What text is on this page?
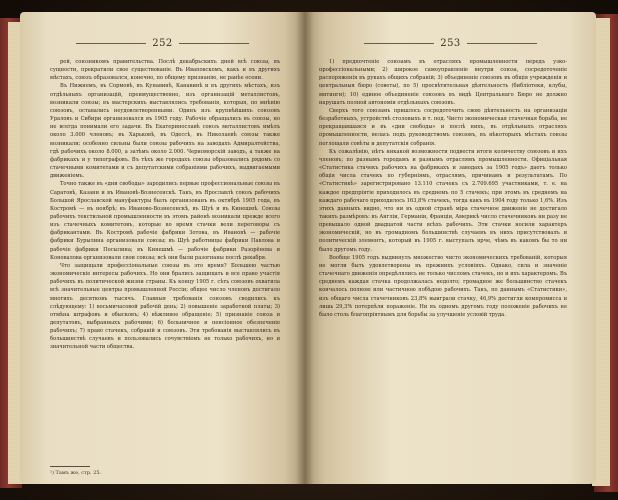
252

рей, союзникомъ правительства. Послѣ декабрьскихъ дней всѣ союзы, въ сущности, прекратили свое существованіе. Въ Иваповскомъ, какъ и въ другихъ мѣстахъ, союзъ образовался, конечно, по общему признанію, не ранѣе осени.

Въ Нижнемъ, въ Сормовѣ, въ Кунавинѣ, Канавинѣ и въ другихъ мѣстахъ, изъ отдѣльныхъ организацій, преимущественно, изъ организацій металлистовъ, возникали союзы; въ мастерскихъ выставлялись требованія, которыя, по мнѣнію союзовъ, оставались неудовлетворенными. Одинъ изъ крупнѣйшихъ союзовъ Ураловъ и Сибири организовался въ 1905 году. Рабочіе обращались въ союзы, но не всегда понимали его задачи. Въ Екатеринославѣ союзъ металлистовъ имѣлъ около 3.000 членовъ; въ Харьковѣ, въ Одессѣ, въ Николаевѣ союзы также возникали; особенно сильны были союзы рабочихъ на заводахъ Адмиралтейства, гдѣ рабочихъ около 8.000, а затѣмъ около 2.000. Черноморскій заводъ, а также на фабрикахъ и у типографовъ. Въ тѣхъ же городахъ союзы образовались рядомъ со стачечными комитетами и съ депутатскими собраніями рабочихъ, выдвигаемыми движеніемъ.

Точно также въ «дни свободы» зародились первые профессиональные союзы въ Саратовѣ, Казани и въ Ивановѣ-Вознесенскѣ. Такъ, въ Ярославлѣ союзъ рабочихъ Большой Ярославской мануфактуры былъ организованъ въ октябрѣ 1905 года, въ Костромѣ — въ ноябрѣ; въ Иваново-Вознесенскѣ, въ Шуѣ и въ Кинешмѣ. Союзы рабочихъ текстильной промышленности въ этомъ районѣ возникали прежде всего изъ стачечныхъ комитетовъ, которые во время стачки вели переговоры съ фабрикантами. Въ Костромѣ рабочіе фабрики Зотова, въ Ивановѣ — рабочіе фабрики Бурылина организовали союзы; въ Шуѣ работницы фабрики Павлова и рабочіе фабрики Посылина; въ Кинешмѣ — рабочіе фабрики Разорёнова и Коновалова организовали свои союзы; всѣ они были разогнаны послѣ декабря.

Что защищали профессіональные союзы въ это время? Большею частью экономическіе интересы рабочихъ. Но они брались защищать и все право участія рабочихъ въ политической жизни страны. Къ концу 1905 г. сѣть союзовъ охватила всѣ значительные центры промышленной Россіи; общее число членовъ достигало многихъ десятковъ тысячъ. Главныя требованія союзовъ сводились къ слѣдующему: 1) восьмичасовой рабочій день; 2) повышеніе заработной платы; 3) отмѣна штрафовъ и обысковъ; 4) вѣжливое обращеніе; 5) признаніе союза и депутатовъ, выбранныхъ рабочими; 6) больничное и пенсіонное обезпеченіе рабочихъ; 7) право стачекъ, собраній и союзовъ. Эти требованія выставлялись въ большинствѣ случаевъ и пользовались сочувствіемъ не только рабочихъ, но и значительной части общества.

¹) Тамъ же, стр. 25.
253

1) предпочтеніе союзамъ въ отрасляхъ промышленности передъ узко-профессіональными; 2) широкое самоуправленіе внутри союза, сосредоточеніе распоряженія въ рукахъ общихъ собраній; 3) объединеніе союзовъ въ общія учрежденія и центральныя бюро (советы), по 5) просвѣтительная дѣятельность (библіотеки, клубы, митинги); 10) единое объединеніе союзовъ въ видѣ Центральнаго Бюро не должно нарушать полной автономіи отдѣльныхъ союзовъ.

Сверхъ того союзамъ пришлось сосредоточить свою дѣятельность на организаціи безработныхъ, устройствѣ столовыхъ и т. под. Чисто экономическая стачечная борьба, не прекращавшаяся и въ «дни свободы» и послѣ нихъ, въ отдѣльныхъ отрасляхъ промышленности, велась подъ руководствомъ союзовъ, въ нѣкоторыхъ мѣстахъ союзы поглощали совѣты и депутатскія собранія.

Къ сожалѣнію, нѣтъ никакой возможности подвести итоги количеству союзовъ и ихъ членовъ; по разнымъ городамъ и разнымъ отраслямъ промышленности. Офиціальная «Статистика стачекъ рабочихъ на фабрикахъ и заводахъ за 1905 годъ» даетъ только общія числа стачекъ по губерніямъ, отраслямъ, причинамъ и результатамъ. По «Статистикѣ» зарегистрировано 13.110 стачекъ съ 2.709.695 участниками, т. е. на каждое предпріятіе приходилось въ среднемъ по 5 стачекъ; при этомъ въ среднемъ на каждаго рабочаго приходилось 163,8% стачекъ, тогда какъ въ 1904 году только 1,6%. Изъ этихъ данныхъ видно, что ни въ одной странѣ міра стачечное движеніе не достигало такихъ размѣровъ: въ Англіи, Германіи, Франціи, Америкѣ число стачечниковъ ни разу не превышало одной двадцатой части всѣхъ рабочихъ. Эти стачки носили характеръ экономическій, но въ громадномъ большинствѣ случаевъ въ нихъ присутствовалъ и политическій элементъ, который въ 1905 г. выступалъ ярче, чѣмъ въ какомъ бы то ни было другомъ году.

Вообще 1905 годъ выдвинулъ множество чисто экономическихъ требованій, которыя не могли быть удовлетворены въ прежнихъ условіяхъ. Однако, сила и значеніе стачечнаго движенія опредѣлялись не только числомъ стачекъ, но и ихъ характеромъ. Въ среднемъ каждая стачка продолжалась недолго; громадное же большинство стачекъ кончалось полною или частичною побѣдою рабочихъ. Такъ, по даннымъ «Статистики», изъ общаго числа стачечниковъ 23,8% выиграли стачку, 46,9% достигли компромисса и лишь 29,3% потерпѣли пораженіе. Ни въ одномъ другомъ году положеніе рабочихъ не было столь благопріятнымъ для борьбы за улучшеніе условій труда.
